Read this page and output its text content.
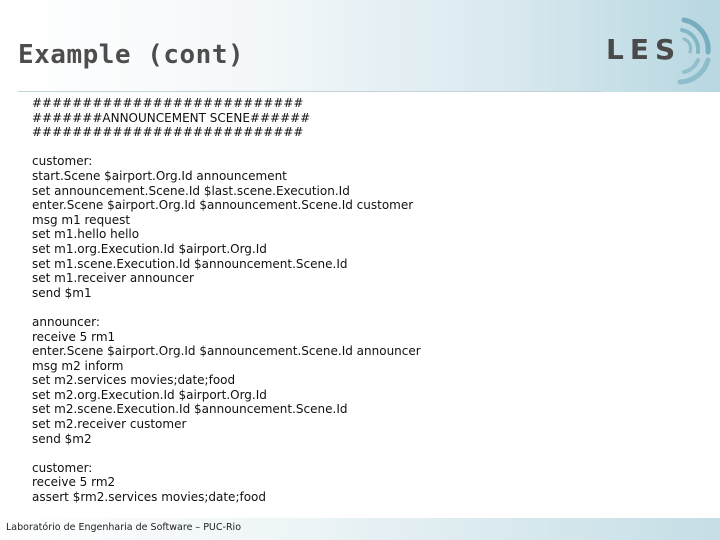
Example (cont)	LES
###########################
#######ANNOUNCEMENT SCENE######
###########################
customer:
start.Scene $airport.Org.Id announcement
set announcement.Scene.Id $last.scene.Execution.Id
enter.Scene $airport.Org.Id $announcement.Scene.Id customer
msg m1 request
set m1.hello hello
set m1.org.Execution.Id $airport.Org.Id
set m1.scene.Execution.Id $announcement.Scene.Id
set m1.receiver announcer
send $m1
announcer:
receive 5 rm1
enter.Scene $airport.Org.Id $announcement.Scene.Id announcer
msg m2 inform
set m2.services movies;date;food
set m2.org.Execution.Id $airport.Org.Id
set m2.scene.Execution.Id $announcement.Scene.Id
set m2.receiver customer
send $m2
customer:
receive 5 rm2
assert $rm2.services movies;date;food
Laboratório de Engenharia de Software – PUC-Rio
